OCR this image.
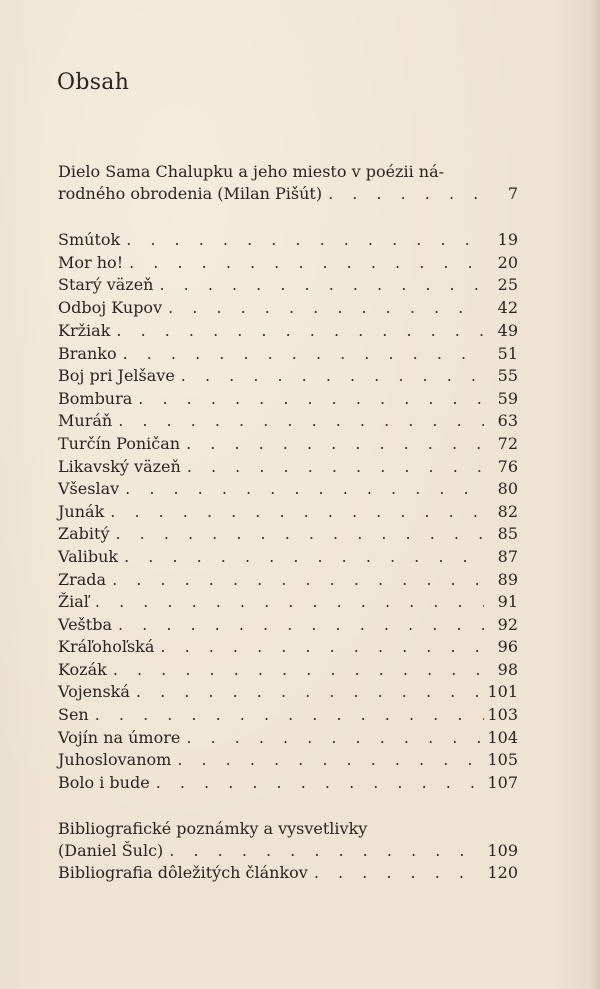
Obsah
Dielo Sama Chalupku a jeho miesto v poézii ná-
rodného obrodenia (Milan Pišút) . . .	7
Smútok . . .	19
Mor ho! . . .	20
Starý väzeň . . .	25
Odboj Kupov . . .	42
Kržiak . . .	49
Branko . . .	51
Boj pri Jelšave . . .	55
Bombura . . .	59
Muráň . . .	63
Turčín Poničan . . .	72
Likavský väzeň . . .	76
Všeslav . . .	80
Junák . . .	82
Zabitý . . .	85
Valibuk . . .	87
Zrada . . .	89
Žiaľ . . .	91
Veštba . . .	92
Kráľohoľská . . .	96
Kozák . . .	98
Vojenská . . .	101
Sen . . .	103
Vojín na úmore . . .	104
Juhoslovanom . . .	105
Bolo i bude . . .	107
Bibliografické poznámky a vysvetlivky
(Daniel Šulc) . . .	109
Bibliografia dôležitých článkov . . .	120
